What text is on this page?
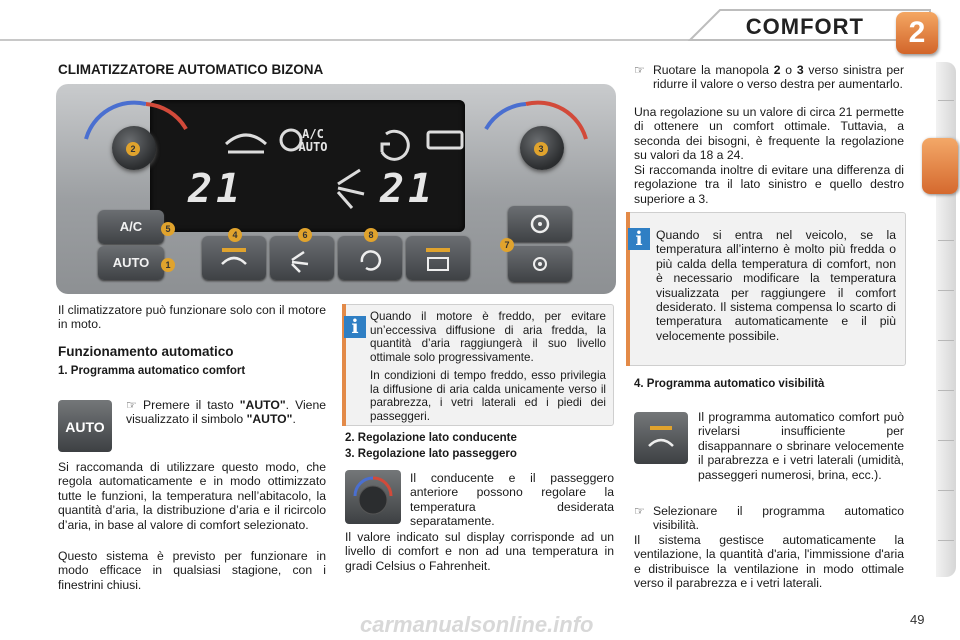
COMFORT	2
CLIMATIZZATORE AUTOMATICO BIZONA
A/C
AUTO
21	21
A/C
AUTO	1
2	3
4
5
6
7
8
Il climatizzatore può funzionare solo con il motore in moto.
Funzionamento automatico
1. Programma automatico comfort
AUTO
☞ Premere il tasto "AUTO". Viene visualizzato il simbolo "AUTO".
Si raccomanda di utilizzare questo modo, che regola automaticamente e in modo ottimizzato tutte le funzioni, la temperatura nell’abitacolo, la quantità d’aria, la distribuzione d’aria e il ricircolo d’aria, in base al valore di comfort selezionato.
Questo sistema è previsto per funzionare in modo efficace in qualsiasi stagione, con i finestrini chiusi.
i Quando il motore è freddo, per evitare un’eccessiva diffusione di aria fredda, la quantità d’aria raggiungerà il suo livello ottimale solo progressivamente.
In condizioni di tempo freddo, esso privilegia la diffusione di aria calda unicamente verso il parabrezza, i vetri laterali ed i piedi dei passeggeri.
2. Regolazione lato conducente
3. Regolazione lato passeggero
Il conducente e il passeggero anteriore possono regolare la temperatura desiderata separatamente.
Il valore indicato sul display corrisponde ad un livello di comfort e non ad una temperatura in gradi Celsius o Fahrenheit.
☞ Ruotare la manopola 2 o 3 verso sinistra per ridurre il valore o verso destra per aumentarlo.
Una regolazione su un valore di circa 21 permette di ottenere un comfort ottimale. Tuttavia, a seconda dei bisogni, è frequente la regolazione su valori da 18 a 24.
Si raccomanda inoltre di evitare una differenza di regolazione tra il lato sinistro e quello destro superiore a 3.
i	Quando si entra nel veicolo, se la temperatura all’interno è molto più fredda o più calda della temperatura di comfort, non è necessario modificare la temperatura visualizzata per raggiungere il comfort desiderato. Il sistema compensa lo scarto di temperatura automaticamente e il più velocemente possibile.
4. Programma automatico visibilità
Il programma automatico comfort può rivelarsi insufficiente per disappannare o sbrinare velocemente il parabrezza e i vetri laterali (umidità, passeggeri numerosi, brina, ecc.).
☞ Selezionare il programma automatico visibilità.
Il sistema gestisce automaticamente la ventilazione, la quantità d'aria, l'immissione d'aria e distribuisce la ventilazione in modo ottimale verso il parabrezza e i vetri laterali.
carmanualsonline.info	49
